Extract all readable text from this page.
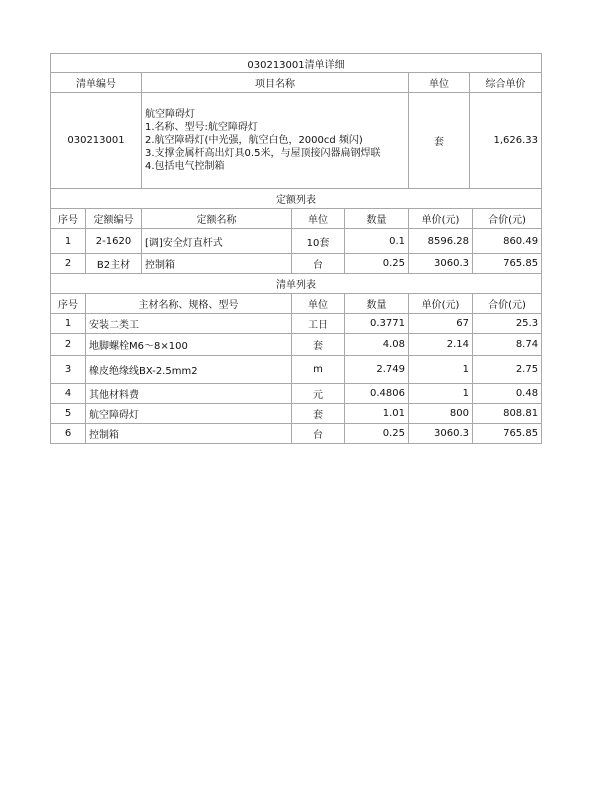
030213001清单详细			
清单编号	项目名称	单位	综合单价
030213001	航空障碍灯
1.名称、型号:航空障碍灯
2.航空障碍灯(中光强，航空白色，2000cd 频闪)
3.支撑金属杆高出灯具0.5米，与屋顶接闪器扁钢焊联
4.包括电气控制箱	套	1,626.33
定额列表						
序号	定额编号	定额名称	单位	数量	单价(元)	合价(元)
1	2-1620	[调]安全灯直杆式	10套	0.1	8596.28	860.49
2	B2主材	控制箱	台	0.25	3060.3	765.85
清单列表						
序号	主材名称、规格、型号		单位	数量	单价(元)	合价(元)
1	安装二类工		工日	0.3771	67	25.3
2	地脚螺栓M6～8×100		套	4.08	2.14	8.74
3	橡皮绝缘线BX-2.5mm2		m	2.749	1	2.75
4	其他材料费		元	0.4806	1	0.48
5	航空障碍灯		套	1.01	800	808.81
6	控制箱		台	0.25	3060.3	765.85
